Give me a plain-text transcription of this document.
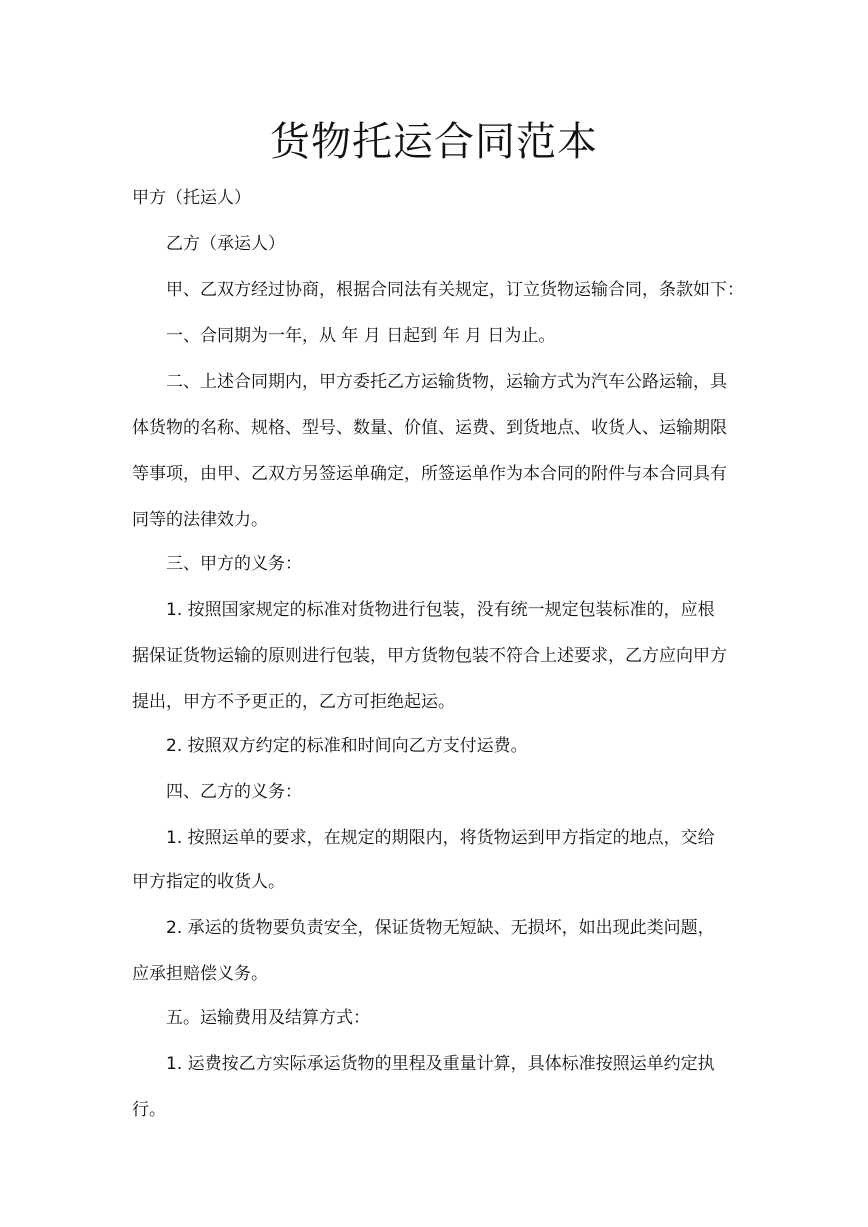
货物托运合同范本

甲方（托运人）

乙方（承运人）

甲、乙双方经过协商，根据合同法有关规定，订立货物运输合同，条款如下：

一、合同期为一年，从 年 月 日起到 年 月 日为止。

二、上述合同期内，甲方委托乙方运输货物，运输方式为汽车公路运输，具

体货物的名称、规格、型号、数量、价值、运费、到货地点、收货人、运输期限

等事项，由甲、乙双方另签运单确定，所签运单作为本合同的附件与本合同具有

同等的法律效力。

三、甲方的义务：

1. 按照国家规定的标准对货物进行包装，没有统一规定包装标准的，应根

据保证货物运输的原则进行包装，甲方货物包装不符合上述要求，乙方应向甲方

提出，甲方不予更正的，乙方可拒绝起运。

2. 按照双方约定的标准和时间向乙方支付运费。

四、乙方的义务：

1. 按照运单的要求，在规定的期限内，将货物运到甲方指定的地点，交给

甲方指定的收货人。

2. 承运的货物要负责安全，保证货物无短缺、无损坏，如出现此类问题，

应承担赔偿义务。

五。运输费用及结算方式：

1. 运费按乙方实际承运货物的里程及重量计算，具体标准按照运单约定执

行。
